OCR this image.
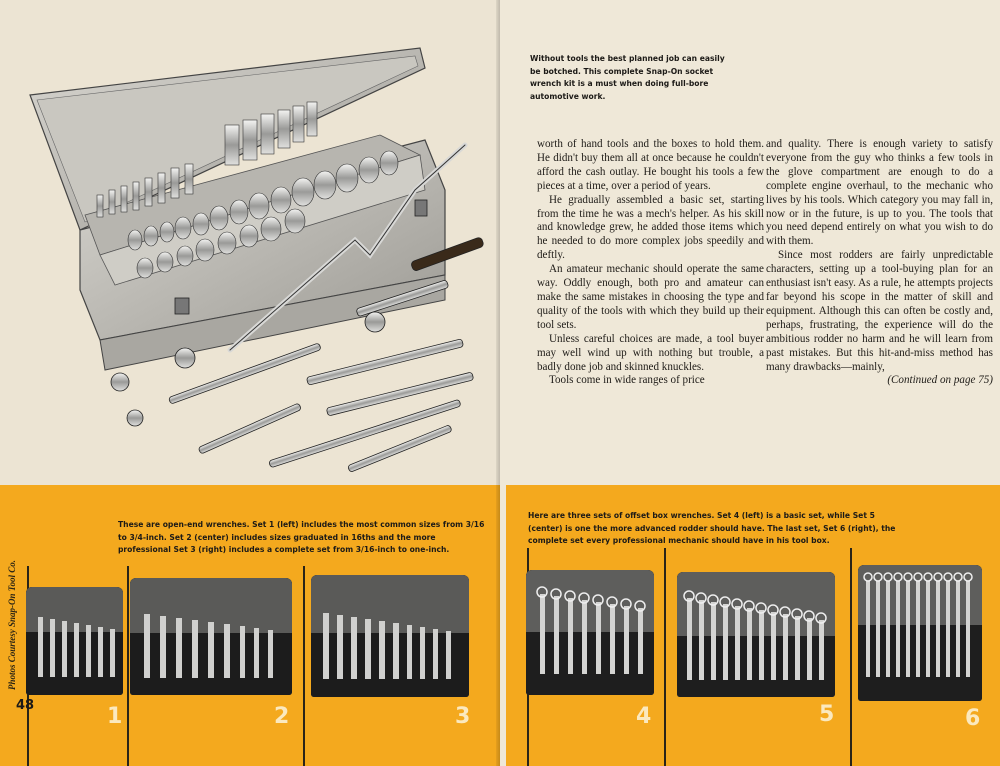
These are open-end wrenches. Set 1 (left) includes the most common sizes from 3/16 to 3/4-inch. Set 2 (center) includes sizes graduated in 16ths and the more professional Set 3 (right) includes a complete set from 3/16-inch to one-inch.
Photos Courtesy Snap-On Tool Co.
48	1	2	3	4	5	6
Without tools the best planned job can easily be botched. This complete Snap-On socket wrench kit is a must when doing full-bore automotive work.

worth of hand tools and the boxes to hold them. He didn't buy them all at once because he couldn't afford the cash outlay. He bought his tools a few pieces at a time, over a period of years.

He gradually assembled a basic set, starting from the time he was a mech's helper. As his skill and knowledge grew, he added those items which he needed to do more complex jobs speedily and deftly.

An amateur mechanic should operate the same way. Oddly enough, both pro and amateur can make the same mistakes in choosing the type and quality of the tools with which they build up their tool sets.

Unless careful choices are made, a tool buyer may well wind up with nothing but trouble, a badly done job and skinned knuckles.

Tools come in wide ranges of price

and quality. There is enough variety to satisfy everyone from the guy who thinks a few tools in the glove compartment are enough to do a complete engine overhaul, to the mechanic who lives by his tools. Which category you may fall in, now or in the future, is up to you. The tools that you need depend entirely on what you wish to do with them.

Since most rodders are fairly unpredictable characters, setting up a tool-buying plan for an enthusiast isn't easy. As a rule, he attempts projects far beyond his scope in the matter of skill and equipment. Although this can often be costly and, perhaps, frustrating, the experience will do the ambitious rodder no harm and he will learn from past mistakes. But this hit-and-miss method has many drawbacks—mainly,

(Continued on page 75)
Here are three sets of offset box wrenches. Set 4 (left) is a basic set, while Set 5 (center) is one the more advanced rodder should have. The last set, Set 6 (right), the complete set every professional mechanic should have in his tool box.
